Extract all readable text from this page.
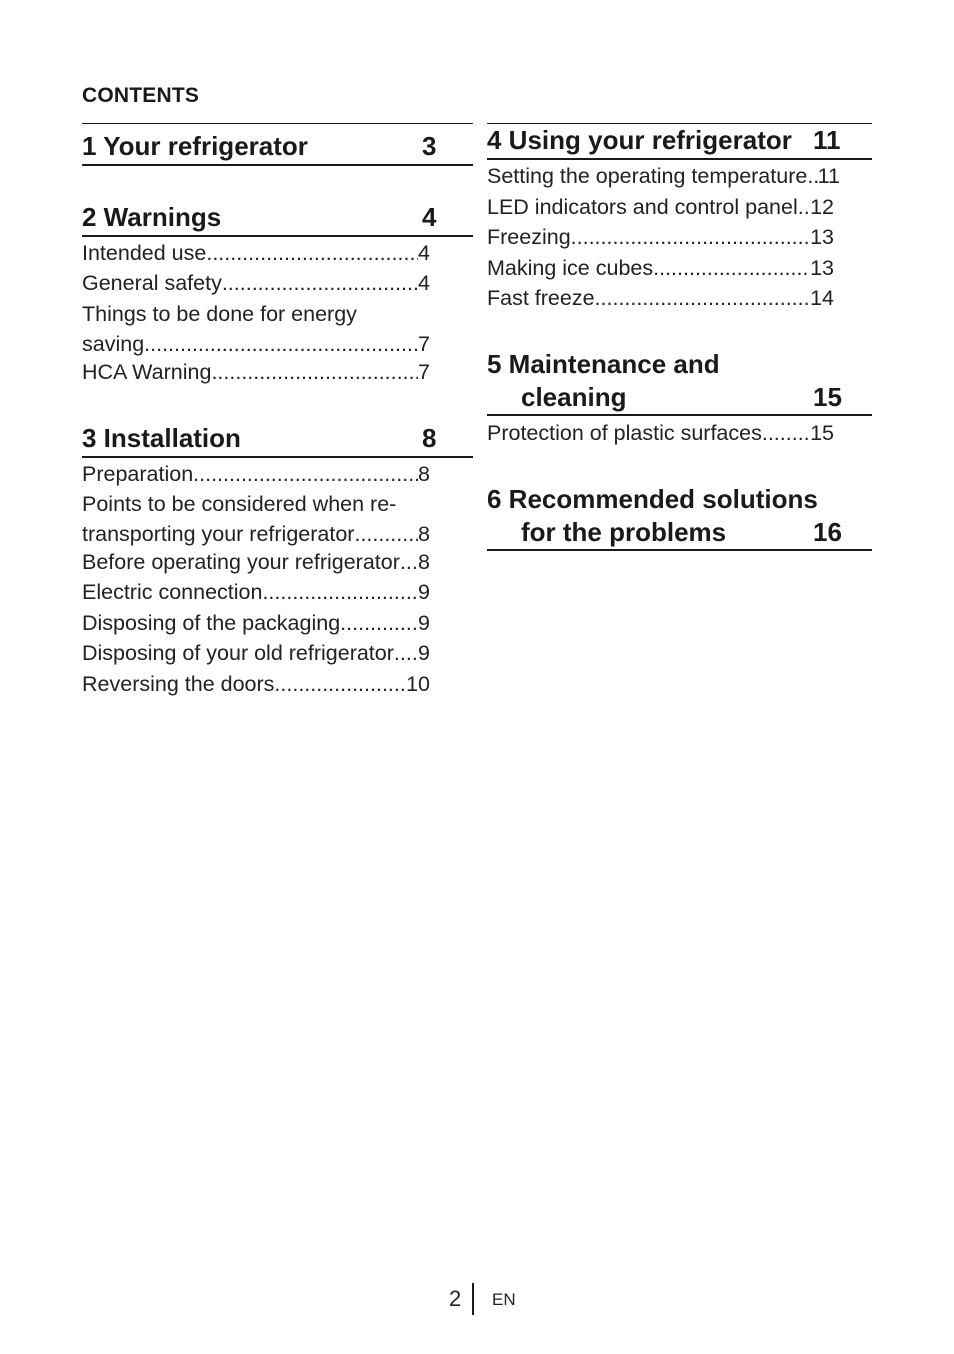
CONTENTS
1 Your refrigerator	3
2 Warnings	4
Intended use .....	4
General safety .....	4
Things to be done for energy
saving .....	7
HCA Warning .....	7
3 Installation	8
Preparation .....	8
Points to be considered when re-
transporting your refrigerator .....	8
Before operating your refrigerator ..... 8
Electric connection .....	9
Disposing of the packaging .....	9
Disposing of your old refrigerator ..... 9
Reversing the doors .....	10
4 Using your refrigerator 11
Setting the operating temperature ..... 11
LED indicators and control panel ..... 12
Freezing .....	13
Making ice cubes .....	13
Fast freeze .....	14
5 Maintenance and
cleaning	15
Protection of plastic surfaces ..... 15
6 Recommended solutions
for the problems	16
2 EN
